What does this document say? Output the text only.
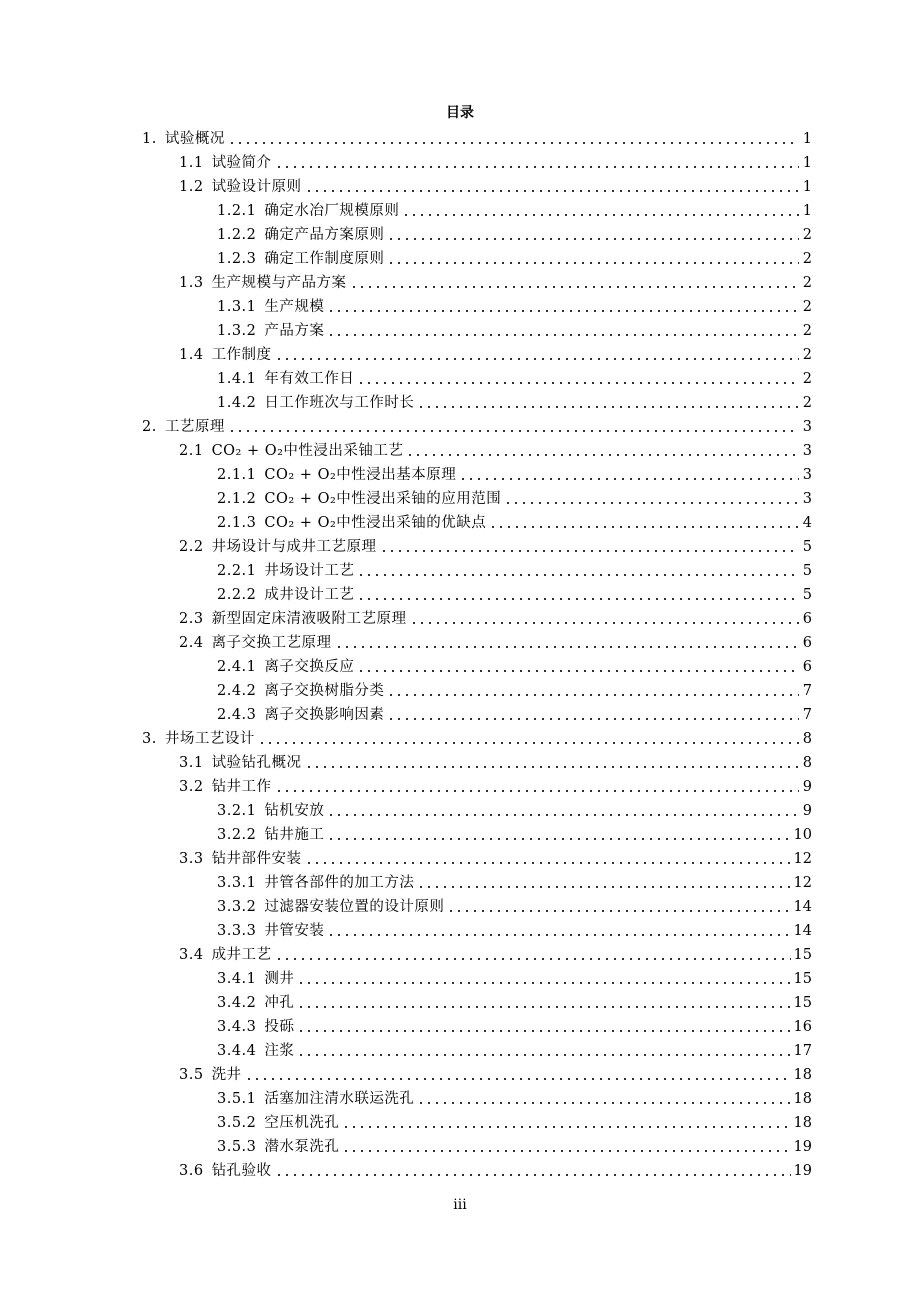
目录
1. 试验概况	1
1.1 试验简介	1
1.2 试验设计原则	1
1.2.1 确定水冶厂规模原则	1
1.2.2 确定产品方案原则	2
1.2.3 确定工作制度原则	2
1.3 生产规模与产品方案	2
1.3.1 生产规模	2
1.3.2 产品方案	2
1.4 工作制度	2
1.4.1 年有效工作日	2
1.4.2 日工作班次与工作时长	2
2. 工艺原理	3
2.1 CO₂ + O₂中性浸出采铀工艺	3
2.1.1 CO₂ + O₂中性浸出基本原理	3
2.1.2 CO₂ + O₂中性浸出采铀的应用范围	3
2.1.3 CO₂ + O₂中性浸出采铀的优缺点	4
2.2 井场设计与成井工艺原理	5
2.2.1 井场设计工艺	5
2.2.2 成井设计工艺	5
2.3 新型固定床清液吸附工艺原理	6
2.4 离子交换工艺原理	6
2.4.1 离子交换反应	6
2.4.2 离子交换树脂分类	7
2.4.3 离子交换影响因素	7
3. 井场工艺设计	8
3.1 试验钻孔概况	8
3.2 钻井工作	9
3.2.1 钻机安放	9
3.2.2 钻井施工	10
3.3 钻井部件安装	12
3.3.1 井管各部件的加工方法	12
3.3.2 过滤器安装位置的设计原则	14
3.3.3 井管安装	14
3.4 成井工艺	15
3.4.1 测井	15
3.4.2 冲孔	15
3.4.3 投砾	16
3.4.4 注浆	17
3.5 洗井	18
3.5.1 活塞加注清水联运洗孔	18
3.5.2 空压机洗孔	18
3.5.3 潜水泵洗孔	19
3.6 钻孔验收	19
iii
